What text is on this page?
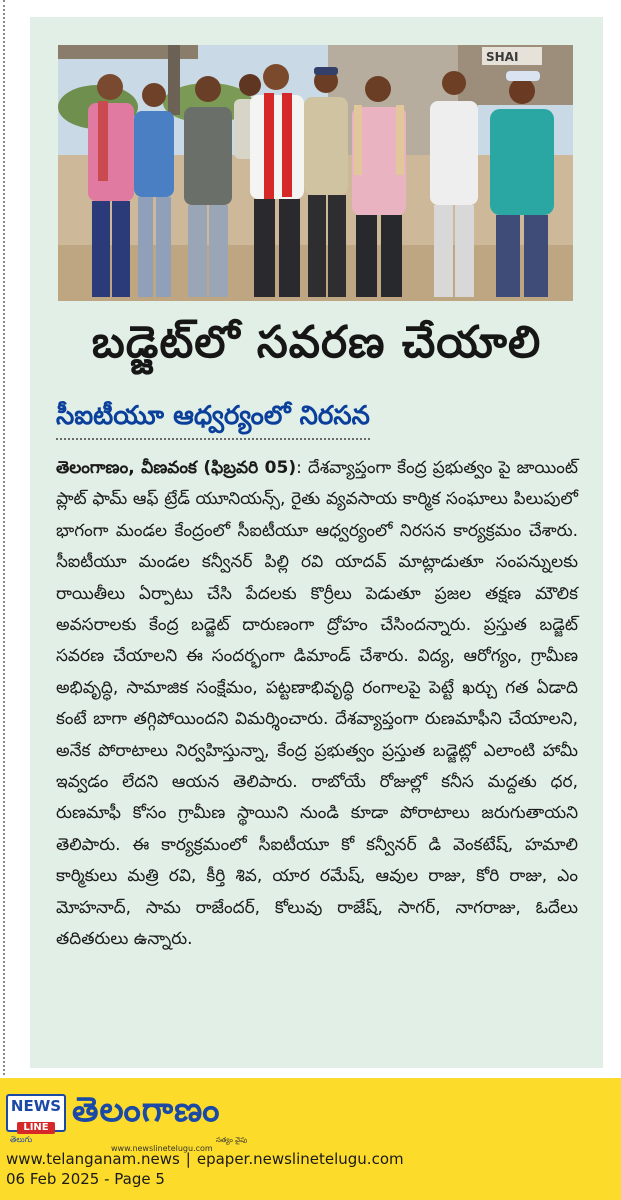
SHAI
బడ్జెట్‌లో సవరణ చేయాలి
సీఐటీయూ ఆధ్వర్యంలో నిరసన

తెలంగాణం, వీణవంక (ఫిబ్రవరి 05): దేశవ్యాప్తంగా కేంద్ర ప్రభుత్వం పై జాయింట్ ప్లాట్ ఫామ్ ఆఫ్ ట్రేడ్ యూనియన్స్, రైతు వ్యవసాయ కార్మిక సంఘాలు పిలుపులో భాగంగా మండల కేంద్రంలో సీఐటీయూ ఆధ్వర్యంలో నిరసన కార్యక్రమం చేశారు. సీఐటీయూ మండల కన్వీనర్ పిల్లి రవి యాదవ్ మాట్లాడుతూ సంపన్నులకు రాయితీలు ఏర్పాటు చేసి పేదలకు కొర్రీలు పెడుతూ ప్రజల తక్షణ మౌలిక అవసరాలకు కేంద్ర బడ్జెట్ దారుణంగా ద్రోహం చేసిందన్నారు. ప్రస్తుత బడ్జెట్ సవరణ చేయాలని ఈ సందర్భంగా డిమాండ్ చేశారు. విద్య, ఆరోగ్యం, గ్రామీణ అభివృద్ధి, సామాజిక సంక్షేమం, పట్టణాభివృద్ధి రంగాలపై పెట్టే ఖర్చు గత ఏడాది కంటే బాగా తగ్గిపోయిందని విమర్శించారు. దేశవ్యాప్తంగా రుణమాఫీని చేయాలని, అనేక పోరాటాలు నిర్వహిస్తున్నా, కేంద్ర ప్రభుత్వం ప్రస్తుత బడ్జెట్లో ఎలాంటి హామీ ఇవ్వడం లేదని ఆయన తెలిపారు. రాబోయే రోజుల్లో కనీస మద్దతు ధర, రుణమాఫీ కోసం గ్రామీణ స్థాయిని నుండి కూడా పోరాటాలు జరుగుతాయని తెలిపారు. ఈ కార్యక్రమంలో సీఐటీయూ కో కన్వీనర్ డి వెంకటేష్, హమాలి కార్మికులు మత్రి రవి, కీర్తి శివ, యార రమేష్, ఆవుల రాజు, కోరి రాజు, ఎం మోహనాద్, సామ రాజేందర్, కోలువు రాజేష్, సాగర్, నాగరాజు, ఓదేలు తదితరులు ఉన్నారు.

NEWS
LINE
తెలుగు
తెలంగాణం
సత్యం వైపు
www.newslinetelugu.com
www.telanganam.news | epaper.newslinetelugu.com
06 Feb 2025 - Page 5
